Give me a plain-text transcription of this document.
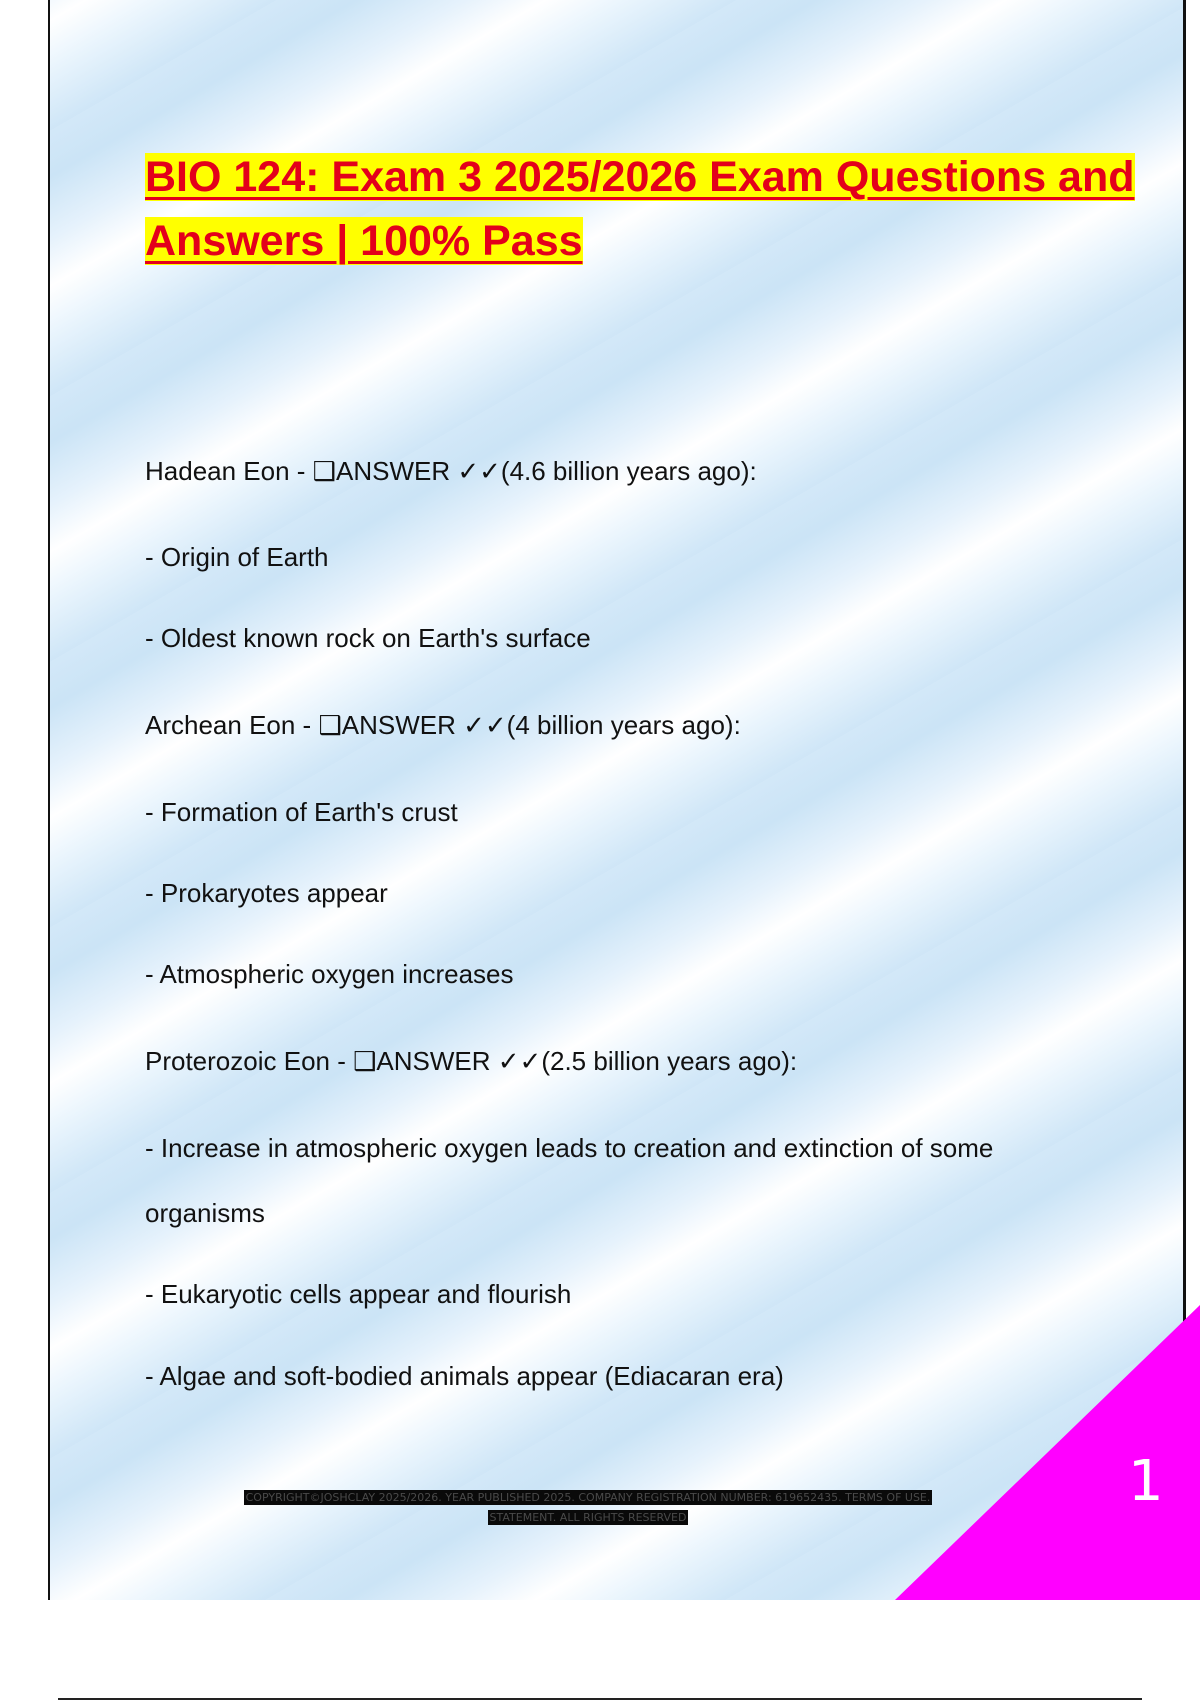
BIO 124: Exam 3 2025/2026 Exam Questions and Answers | 100% Pass

Hadean Eon - ❑ANSWER ✓✓(4.6 billion years ago):

- Origin of Earth

- Oldest known rock on Earth's surface

Archean Eon - ❑ANSWER ✓✓(4 billion years ago):

- Formation of Earth's crust

- Prokaryotes appear

- Atmospheric oxygen increases

Proterozoic Eon - ❑ANSWER ✓✓(2.5 billion years ago):

- Increase in atmospheric oxygen leads to creation and extinction of some

organisms

- Eukaryotic cells appear and flourish

- Algae and soft-bodied animals appear (Ediacaran era)

1
COPYRIGHT©JOSHCLAY 2025/2026. YEAR PUBLISHED 2025. COMPANY REGISTRATION NUMBER: 619652435. TERMS OF USE.
STATEMENT. ALL RIGHTS RESERVED
